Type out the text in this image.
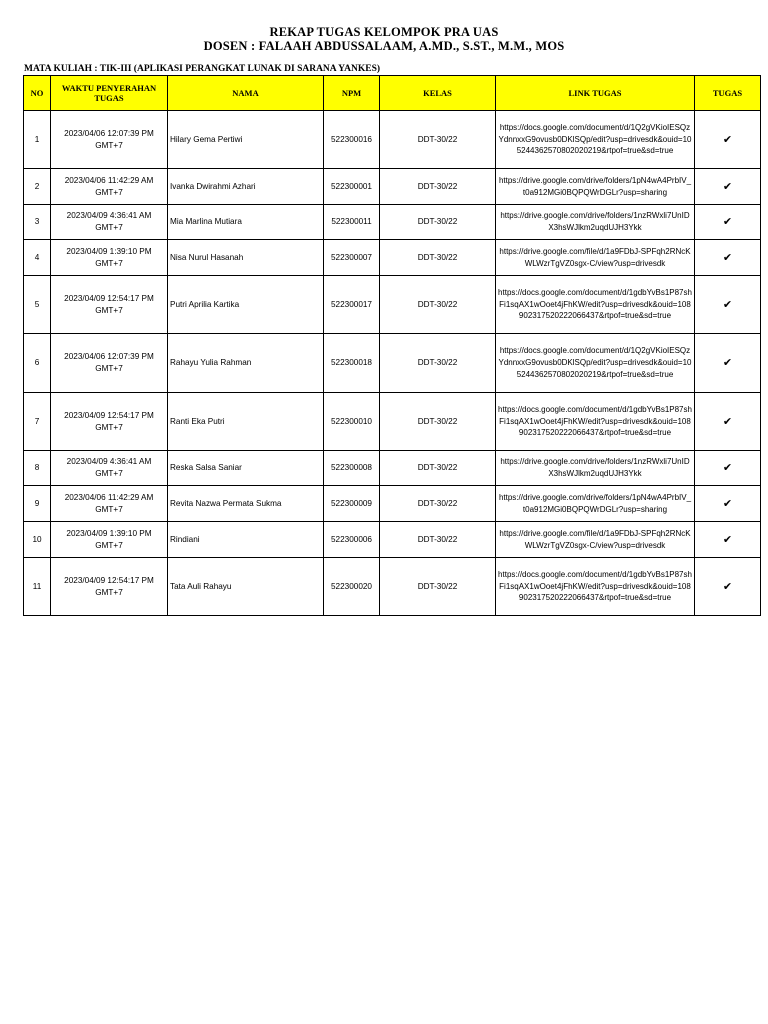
REKAP TUGAS KELOMPOK PRA UAS
DOSEN : FALAAH ABDUSSALAAM, A.MD., S.ST., M.M., MOS
MATA KULIAH : TIK-III (APLIKASI PERANGKAT LUNAK DI SARANA YANKES)
NO	WAKTU PENYERAHAN TUGAS	NAMA	NPM	KELAS	LINK TUGAS	TUGAS
1	2023/04/06 12:07:39 PM GMT+7	Hilary Gema Pertiwi	522300016	DDT-30/22	https://docs.google.com/document/d/1Q2gVKioIESQzYdnnxxG9ovusb0DKlSQp/edit?usp=drivesdk&ouid=105244362570802020219&rtpof=true&sd=true	✔
2	2023/04/06 11:42:29 AM GMT+7	Ivanka Dwirahmi Azhari	522300001	DDT-30/22	https://drive.google.com/drive/folders/1pN4wA4PrbIV_t0a912MGi0BQPQWrDGLr?usp=sharing	✔
3	2023/04/09 4:36:41 AM GMT+7	Mia Marlina Mutiara	522300011	DDT-30/22	https://drive.google.com/drive/folders/1nzRWxli7UnIDX3hsWJlkm2uqdUJH3Ykk	✔
4	2023/04/09 1:39:10 PM GMT+7	Nisa Nurul Hasanah	522300007	DDT-30/22	https://drive.google.com/file/d/1a9FDbJ-SPFqh2RNcKWLWzrTgVZ0sgx-C/view?usp=drivesdk	✔
5	2023/04/09 12:54:17 PM GMT+7	Putri Aprilia Kartika	522300017	DDT-30/22	https://docs.google.com/document/d/1gdbYvBs1P87shFi1sqAX1wOoet4jFhKW/edit?usp=drivesdk&ouid=108902317520222066437&rtpof=true&sd=true	✔
6	2023/04/06 12:07:39 PM GMT+7	Rahayu Yulia Rahman	522300018	DDT-30/22	https://docs.google.com/document/d/1Q2gVKioIESQzYdnnxxG9ovusb0DKlSQp/edit?usp=drivesdk&ouid=105244362570802020219&rtpof=true&sd=true	✔
7	2023/04/09 12:54:17 PM GMT+7	Ranti Eka Putri	522300010	DDT-30/22	https://docs.google.com/document/d/1gdbYvBs1P87shFi1sqAX1wOoet4jFhKW/edit?usp=drivesdk&ouid=108902317520222066437&rtpof=true&sd=true	✔
8	2023/04/09 4:36:41 AM GMT+7	Reska Salsa Saniar	522300008	DDT-30/22	https://drive.google.com/drive/folders/1nzRWxli7UnIDX3hsWJlkm2uqdUJH3Ykk	✔
9	2023/04/06 11:42:29 AM GMT+7	Revita Nazwa Permata Sukma	522300009	DDT-30/22	https://drive.google.com/drive/folders/1pN4wA4PrbIV_t0a912MGi0BQPQWrDGLr?usp=sharing	✔
10	2023/04/09 1:39:10 PM GMT+7	Rindiani	522300006	DDT-30/22	https://drive.google.com/file/d/1a9FDbJ-SPFqh2RNcKWLWzrTgVZ0sgx-C/view?usp=drivesdk	✔
11	2023/04/09 12:54:17 PM GMT+7	Tata Auli Rahayu	522300020	DDT-30/22	https://docs.google.com/document/d/1gdbYvBs1P87shFi1sqAX1wOoet4jFhKW/edit?usp=drivesdk&ouid=108902317520222066437&rtpof=true&sd=true	✔
